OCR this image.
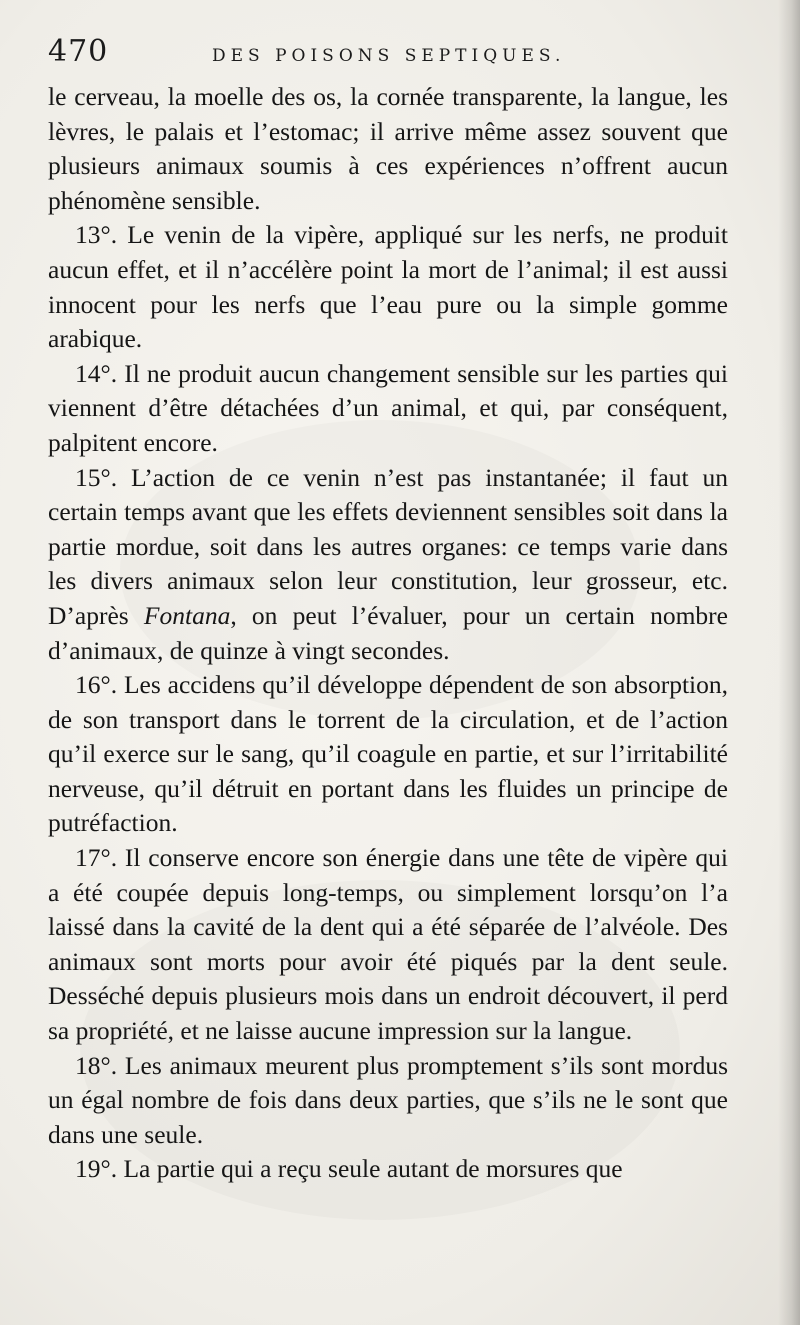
470	DES POISONS SEPTIQUES.

le cerveau, la moelle des os, la cornée transparente, la langue, les lèvres, le palais et l’estomac; il arrive même assez souvent que plusieurs animaux soumis à ces expériences n’offrent aucun phénomène sensible.

13°. Le venin de la vipère, appliqué sur les nerfs, ne produit aucun effet, et il n’accélère point la mort de l’animal; il est aussi innocent pour les nerfs que l’eau pure ou la simple gomme arabique.

14°. Il ne produit aucun changement sensible sur les parties qui viennent d’être détachées d’un animal, et qui, par conséquent, palpitent encore.

15°. L’action de ce venin n’est pas instantanée; il faut un certain temps avant que les effets deviennent sensibles soit dans la partie mordue, soit dans les autres organes: ce temps varie dans les divers animaux selon leur constitution, leur grosseur, etc. D’après Fontana, on peut l’évaluer, pour un certain nombre d’animaux, de quinze à vingt secondes.

16°. Les accidens qu’il développe dépendent de son absorption, de son transport dans le torrent de la circulation, et de l’action qu’il exerce sur le sang, qu’il coagule en partie, et sur l’irritabilité nerveuse, qu’il détruit en portant dans les fluides un principe de putréfaction.

17°. Il conserve encore son énergie dans une tête de vipère qui a été coupée depuis long-temps, ou simplement lorsqu’on l’a laissé dans la cavité de la dent qui a été séparée de l’alvéole. Des animaux sont morts pour avoir été piqués par la dent seule. Desséché depuis plusieurs mois dans un endroit découvert, il perd sa propriété, et ne laisse aucune impression sur la langue.

18°. Les animaux meurent plus promptement s’ils sont mordus un égal nombre de fois dans deux parties, que s’ils ne le sont que dans une seule.

19°. La partie qui a reçu seule autant de morsures que
